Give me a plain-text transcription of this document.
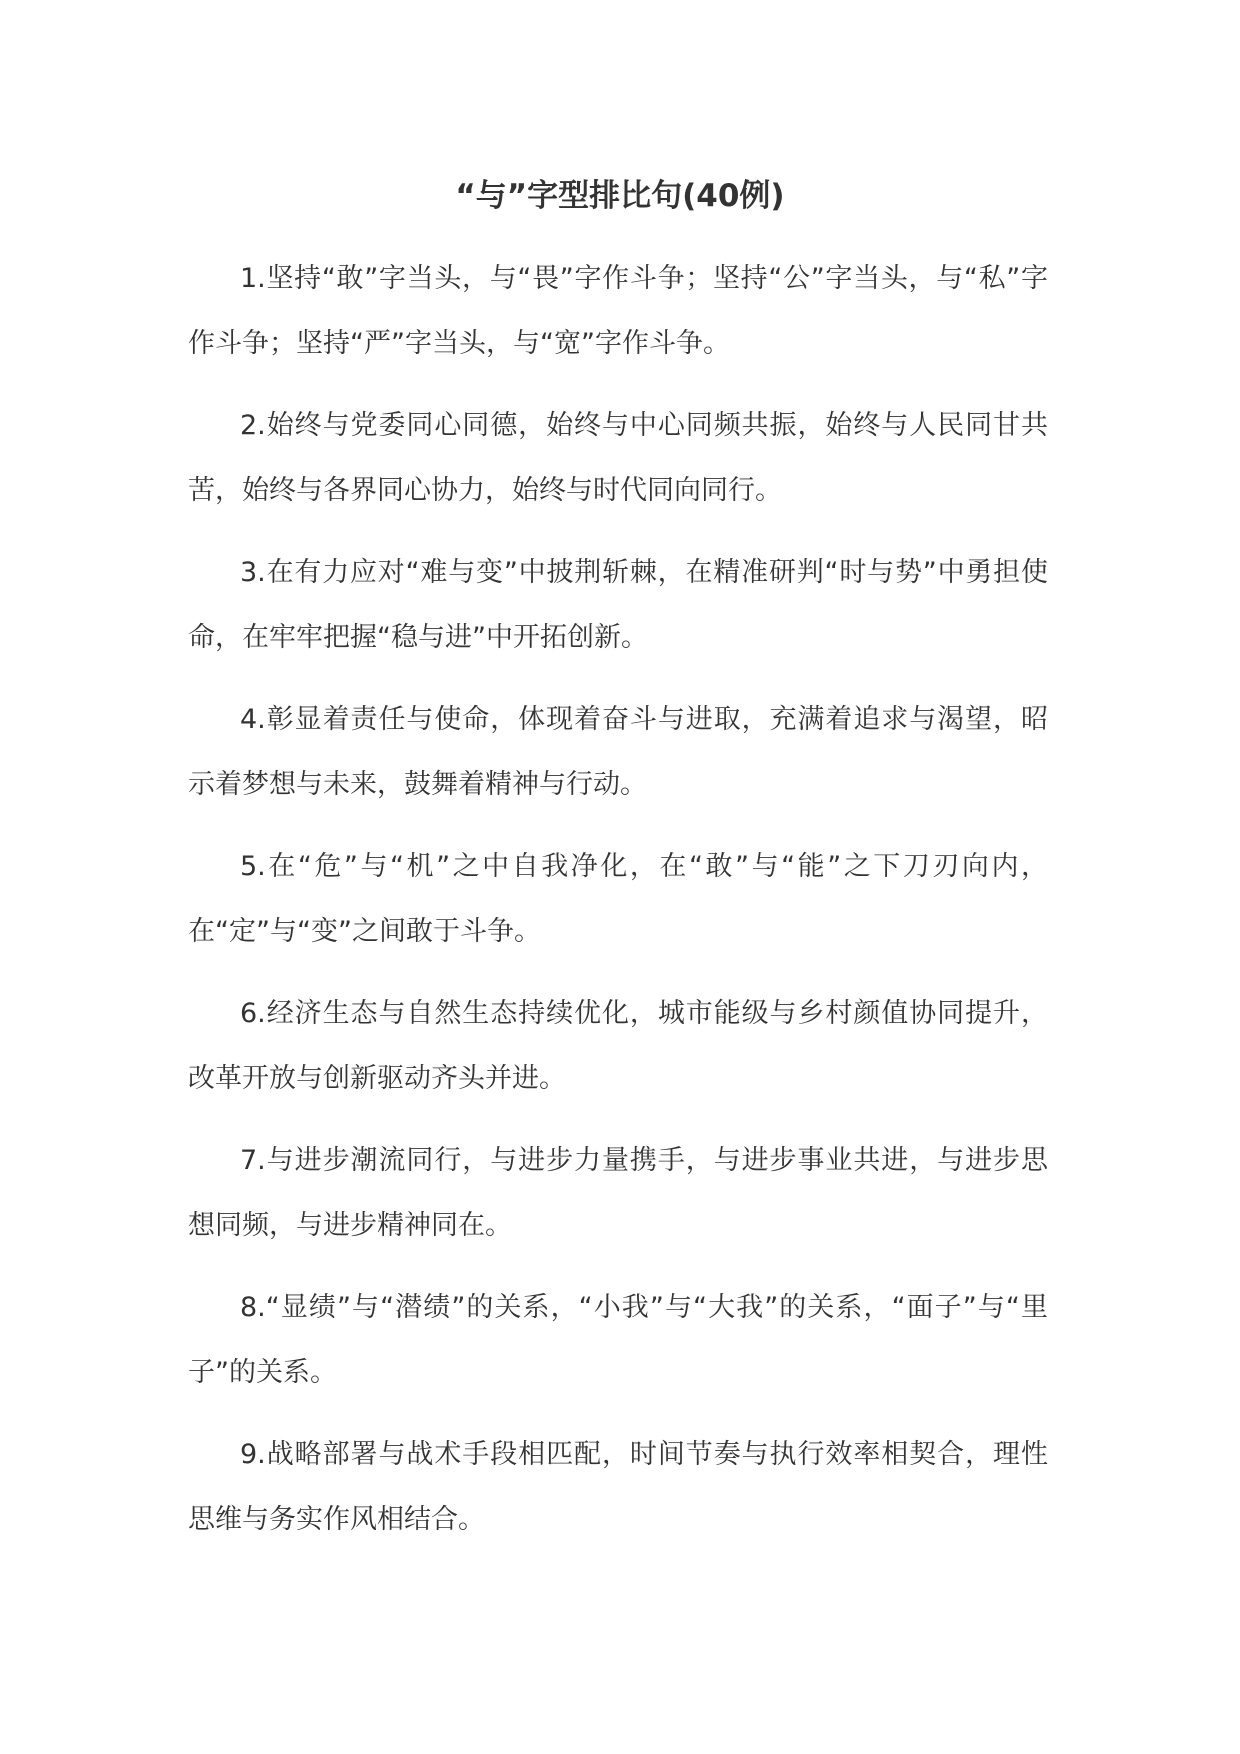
“与”字型排比句(40例)

1.坚持“敢”字当头，与“畏”字作斗争；坚持“公”字当头，与“私”字作斗争；坚持“严”字当头，与“宽”字作斗争。

2.始终与党委同心同德，始终与中心同频共振，始终与人民同甘共苦，始终与各界同心协力，始终与时代同向同行。

3.在有力应对“难与变”中披荆斩棘，在精准研判“时与势”中勇担使命，在牢牢把握“稳与进”中开拓创新。

4.彰显着责任与使命，体现着奋斗与进取，充满着追求与渴望，昭示着梦想与未来，鼓舞着精神与行动。

5.在“危”与“机”之中自我净化，在“敢”与“能”之下刀刃向内，在“定”与“变”之间敢于斗争。

6.经济生态与自然生态持续优化，城市能级与乡村颜值协同提升，改革开放与创新驱动齐头并进。

7.与进步潮流同行，与进步力量携手，与进步事业共进，与进步思想同频，与进步精神同在。

8.“显绩”与“潜绩”的关系，“小我”与“大我”的关系，“面子”与“里子”的关系。

9.战略部署与战术手段相匹配，时间节奏与执行效率相契合，理性思维与务实作风相结合。
